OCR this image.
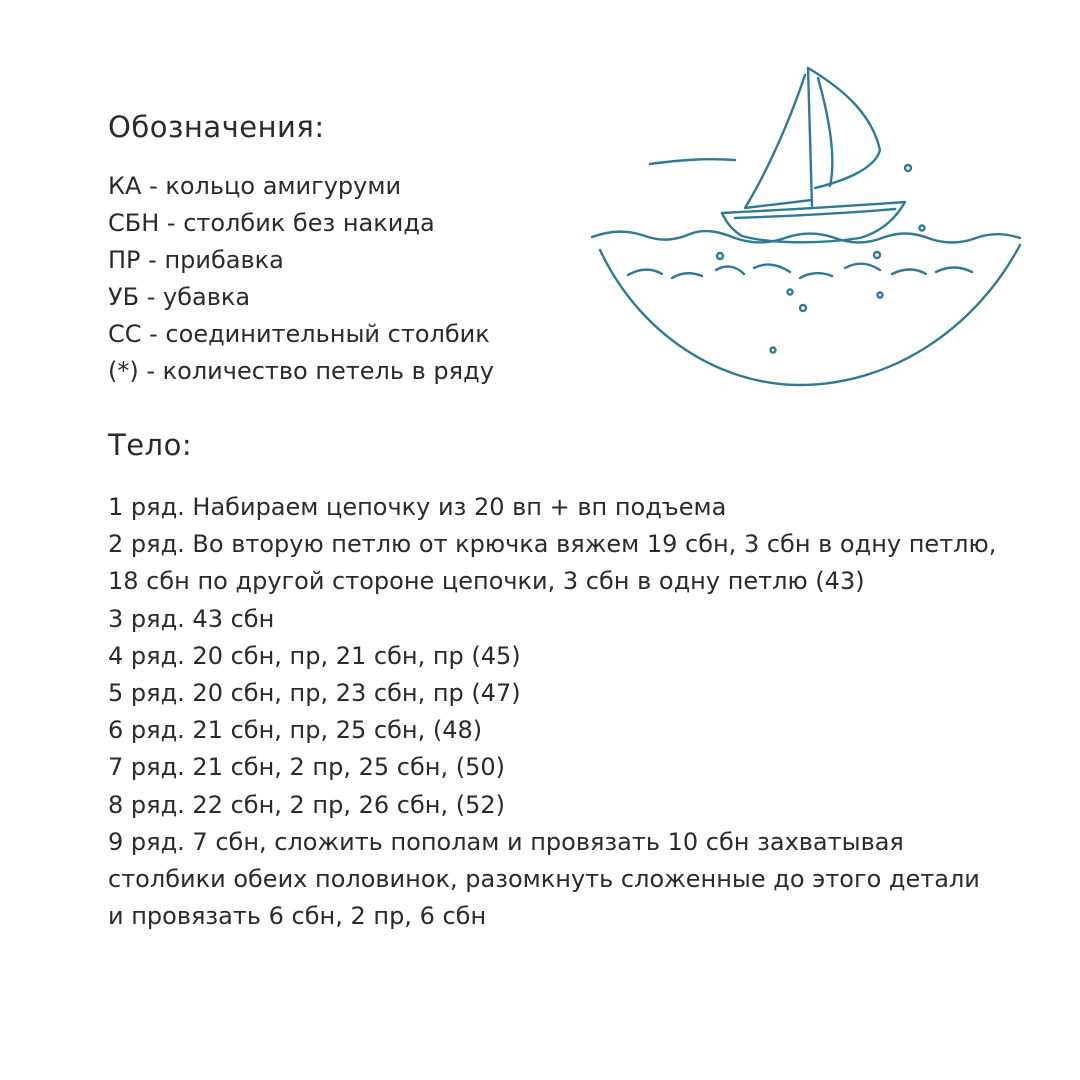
Обозначения:
КА - кольцо амигуруми
СБН - столбик без накида
ПР - прибавка
УБ - убавка
СС - соединительный столбик
(*) - количество петель в ряду
Тело:
1 ряд. Набираем цепочку из 20 вп + вп подъема
2 ряд. Во вторую петлю от крючка вяжем 19 сбн, 3 сбн в одну петлю,
18 сбн по другой стороне цепочки, 3 сбн в одну петлю (43)
3 ряд. 43 сбн
4 ряд. 20 сбн, пр, 21 сбн, пр (45)
5 ряд. 20 сбн, пр, 23 сбн, пр (47)
6 ряд. 21 сбн, пр, 25 сбн, (48)
7 ряд. 21 сбн, 2 пр, 25 сбн, (50)
8 ряд. 22 сбн, 2 пр, 26 сбн, (52)
9 ряд. 7 сбн, сложить пополам и провязать 10 сбн захватывая
столбики обеих половинок, разомкнуть сложенные до этого детали
и провязать 6 сбн, 2 пр, 6 сбн
